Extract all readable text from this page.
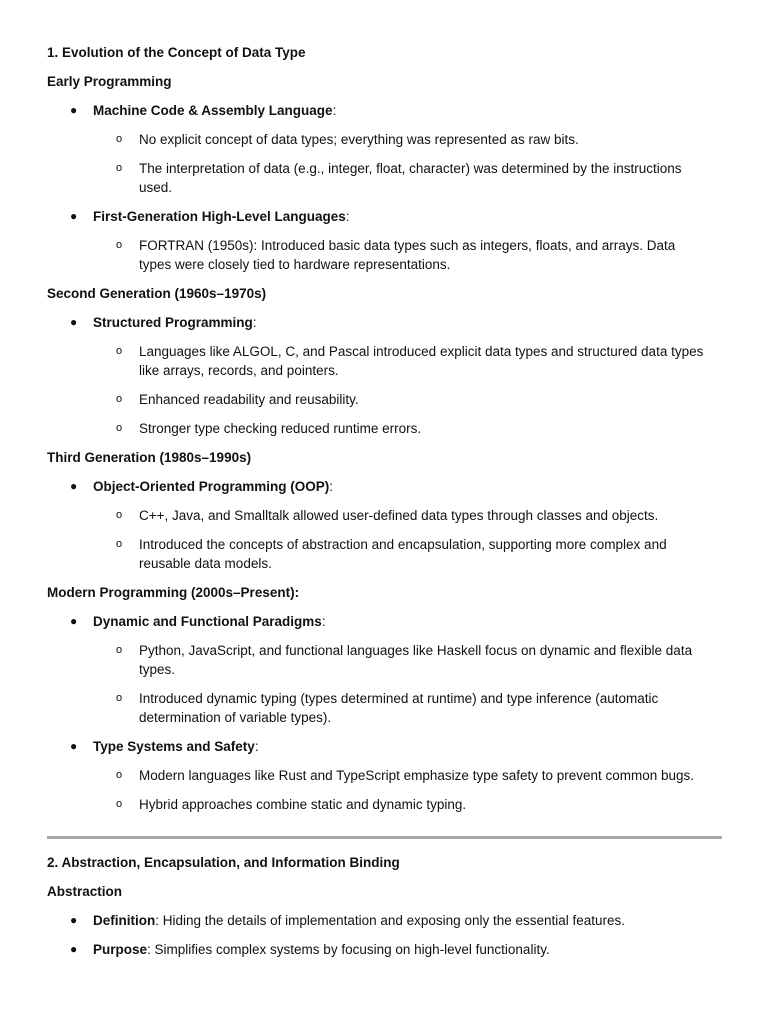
1. Evolution of the Concept of Data Type
Early Programming
● Machine Code & Assembly Language:
o No explicit concept of data types; everything was represented as raw bits.
o The interpretation of data (e.g., integer, float, character) was determined by the instructions
used.
● First-Generation High-Level Languages:
o FORTRAN (1950s): Introduced basic data types such as integers, floats, and arrays. Data
types were closely tied to hardware representations.
Second Generation (1960s–1970s)
● Structured Programming:
o Languages like ALGOL, C, and Pascal introduced explicit data types and structured data types
like arrays, records, and pointers.
o Enhanced readability and reusability.
o Stronger type checking reduced runtime errors.
Third Generation (1980s–1990s)
● Object-Oriented Programming (OOP):
o C++, Java, and Smalltalk allowed user-defined data types through classes and objects.
o Introduced the concepts of abstraction and encapsulation, supporting more complex and
reusable data models.
Modern Programming (2000s–Present):
● Dynamic and Functional Paradigms:
o Python, JavaScript, and functional languages like Haskell focus on dynamic and flexible data
types.
o Introduced dynamic typing (types determined at runtime) and type inference (automatic
determination of variable types).
● Type Systems and Safety:
o Modern languages like Rust and TypeScript emphasize type safety to prevent common bugs.
o Hybrid approaches combine static and dynamic typing.
2. Abstraction, Encapsulation, and Information Binding
Abstraction
● Definition: Hiding the details of implementation and exposing only the essential features.
● Purpose: Simplifies complex systems by focusing on high-level functionality.
